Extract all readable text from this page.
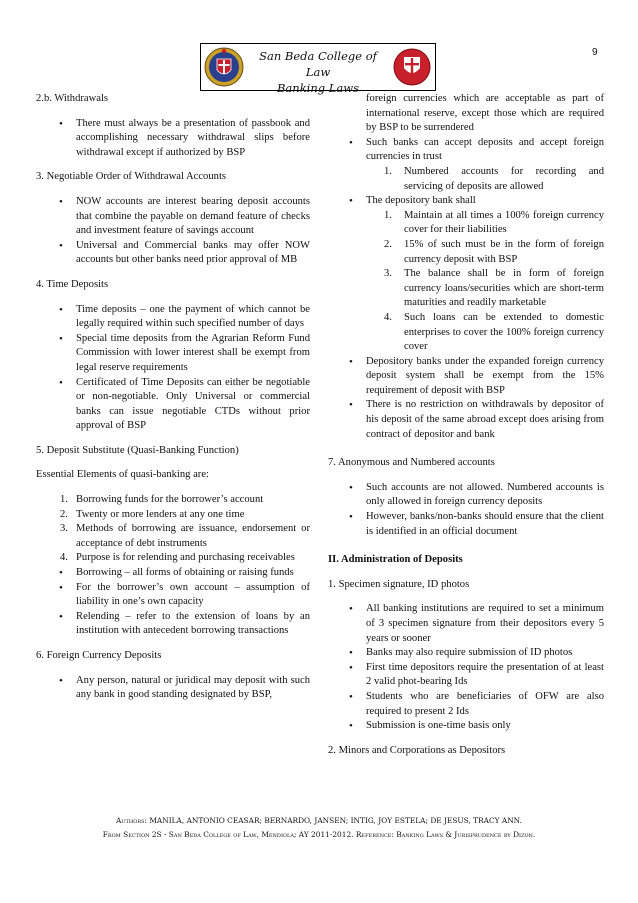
San Beda College of Law
Banking Laws
9

2.b. Withdrawals

• There must always be a presentation of passbook and accomplishing necessary withdrawal slips before withdrawal except if authorized by BSP

3. Negotiable Order of Withdrawal Accounts

• NOW accounts are interest bearing deposit accounts that combine the payable on demand feature of checks and investment feature of savings account
• Universal and Commercial banks may offer NOW accounts but other banks need prior approval of MB

4. Time Deposits

• Time deposits – one the payment of which cannot be legally required within such specified number of days
• Special time deposits from the Agrarian Reform Fund Commission with lower interest shall be exempt from legal reserve requirements
• Certificated of Time Deposits can either be negotiable or non-negotiable. Only Universal or commercial banks can issue negotiable CTDs without prior approval of BSP

5. Deposit Substitute (Quasi-Banking Function)

Essential Elements of quasi-banking are:

1. Borrowing funds for the borrower’s account
2. Twenty or more lenders at any one time
3. Methods of borrowing are issuance, endorsement or acceptance of debt instruments
4. Purpose is for relending and purchasing receivables
• Borrowing – all forms of obtaining or raising funds
• For the borrower’s own account – assumption of liability in one’s own capacity
• Relending – refer to the extension of loans by an institution with antecedent borrowing transactions

6. Foreign Currency Deposits

• Any person, natural or juridical may deposit with such any bank in good standing designated by BSP,

foreign currencies which are acceptable as part of international reserve, except those which are required by BSP to be surrendered

• Such banks can accept deposits and accept foreign currencies in trust
1. Numbered accounts for recording and servicing of deposits are allowed
• The depository bank shall
1. Maintain at all times a 100% foreign currency cover for their liabilities
2. 15% of such must be in the form of foreign currency deposit with BSP
3. The balance shall be in form of foreign currency loans/securities which are short-term maturities and readily marketable
4. Such loans can be extended to domestic enterprises to cover the 100% foreign currency cover
• Depository banks under the expanded foreign currency deposit system shall be exempt from the 15% requirement of deposit with BSP
• There is no restriction on withdrawals by depositor of his deposit of the same abroad except does arising from contract of depositor and bank

7. Anonymous and Numbered accounts

• Such accounts are not allowed. Numbered accounts is only allowed in foreign currency deposits
• However, banks/non-banks should ensure that the client is identified in an official document

II. Administration of Deposits

1. Specimen signature, ID photos

• All banking institutions are required to set a minimum of 3 specimen signature from their depositors every 5 years or sooner
• Banks may also require submission of ID photos
• First time depositors require the presentation of at least 2 valid phot-bearing Ids
• Students who are beneficiaries of OFW are also required to present 2 Ids
• Submission is one-time basis only

2. Minors and Corporations as Depositors

Authors: MANILA, ANTONIO CEASAR; BERNARDO, JANSEN; INTIG, JOY ESTELA; DE JESUS, TRACY ANN.
From Section 2S - San Beda College of Law, Mendiola; AY 2011-2012. Reference: Banking Laws & Jurisprudence by Dizon.
